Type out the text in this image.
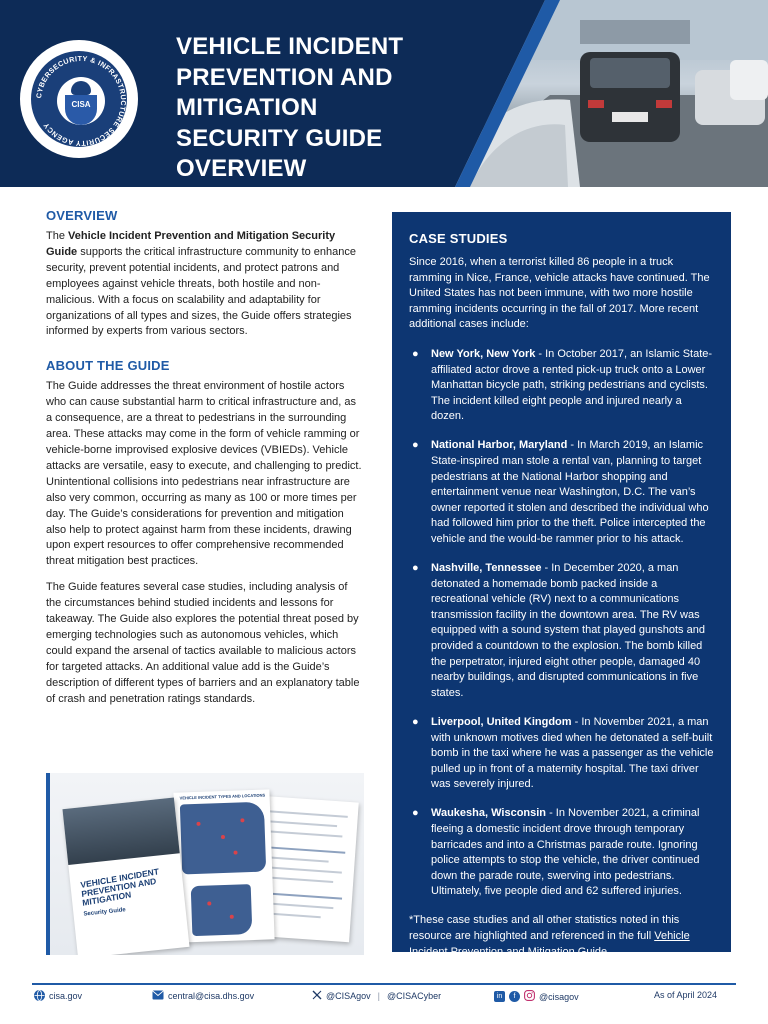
CYBERSECURITY & INFRASTRUCTURE SECURITY AGENCY
CISA
VEHICLE INCIDENT PREVENTION AND MITIGATION SECURITY GUIDE OVERVIEW
OVERVIEW

The Vehicle Incident Prevention and Mitigation Security Guide supports the critical infrastructure community to enhance security, prevent potential incidents, and protect patrons and employees against vehicle threats, both hostile and non-malicious. With a focus on scalability and adaptability for organizations of all types and sizes, the Guide offers strategies informed by experts from various sectors.

ABOUT THE GUIDE

The Guide addresses the threat environment of hostile actors who can cause substantial harm to critical infrastructure and, as a consequence, are a threat to pedestrians in the surrounding area. These attacks may come in the form of vehicle ramming or vehicle-borne improvised explosive devices (VBIEDs). Vehicle attacks are versatile, easy to execute, and challenging to predict. Unintentional collisions into pedestrians near infrastructure are also very common, occurring as many as 100 or more times per day. The Guide’s considerations for prevention and mitigation also help to protect against harm from these incidents, drawing upon expert resources to offer comprehensive recommended threat mitigation best practices.

The Guide features several case studies, including analysis of the circumstances behind studied incidents and lessons for takeaway. The Guide also explores the potential threat posed by emerging technologies such as autonomous vehicles, which could expand the arsenal of tactics available to malicious actors for targeted attacks. An additional value add is the Guide’s description of different types of barriers and an explanatory table of crash and penetration ratings standards.

VEHICLE INCIDENT TYPES AND LOCATIONS
VEHICLE INCIDENT PREVENTION AND MITIGATION
Security Guide
CASE STUDIES

Since 2016, when a terrorist killed 86 people in a truck ramming in Nice, France, vehicle attacks have continued. The United States has not been immune, with two more hostile ramming incidents occurring in the fall of 2017. More recent additional cases include:

● New York, New York - In October 2017, an Islamic State-affiliated actor drove a rented pick-up truck onto a Lower Manhattan bicycle path, striking pedestrians and cyclists. The incident killed eight people and injured nearly a dozen.
● National Harbor, Maryland - In March 2019, an Islamic State-inspired man stole a rental van, planning to target pedestrians at the National Harbor shopping and entertainment venue near Washington, D.C. The van’s owner reported it stolen and described the individual who had followed him prior to the theft. Police intercepted the vehicle and the would-be rammer prior to his attack.
● Nashville, Tennessee - In December 2020, a man detonated a homemade bomb packed inside a recreational vehicle (RV) next to a communications transmission facility in the downtown area. The RV was equipped with a sound system that played gunshots and provided a countdown to the explosion. The bomb killed the perpetrator, injured eight other people, damaged 40 nearby buildings, and disrupted communications in five states.
● Liverpool, United Kingdom - In November 2021, a man with unknown motives died when he detonated a self-built bomb in the taxi where he was a passenger as the vehicle pulled up in front of a maternity hospital. The taxi driver was severely injured.
● Waukesha, Wisconsin - In November 2021, a criminal fleeing a domestic incident drove through temporary barricades and into a Christmas parade route. Ignoring police attempts to stop the vehicle, the driver continued down the parade route, swerving into pedestrians. Ultimately, five people died and 62 suffered injuries.

*These case studies and all other statistics noted in this resource are highlighted and referenced in the full Vehicle Incident Prevention and Mitigation Guide.

cisa.gov	central@cisa.dhs.gov	@CISAgov | @CISACyber	in	f	@cisagov	As of April 2024
